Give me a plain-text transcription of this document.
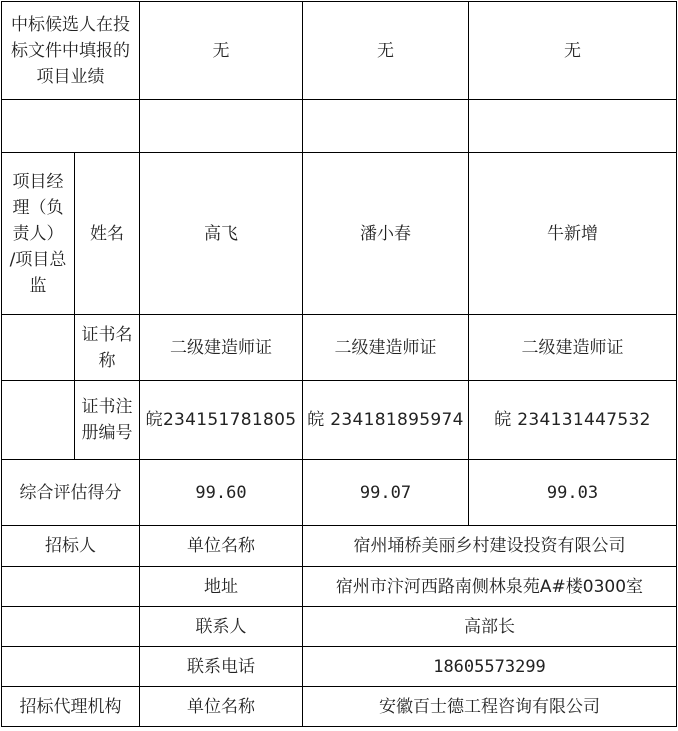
中标候选人在投
标文件中填报的
项目业绩		无	无	无

项目经
理（负
责人）
/项目总
监	姓名	高飞	潘小春	牛新增

	证书名
称	二级建造师证	二级建造师证	二级建造师证

	证书注
册编号	皖234151781805	皖 234181895974	皖 234131447532
综合评估得分		99.60	99.07	99.03
招标人		单位名称	宿州埇桥美丽乡村建设投资有限公司	
		地址	宿州市汴河西路南侧林泉苑A#楼0300室	
		联系人	高部长	
		联系电话	18605573299	
招标代理机构		单位名称	安徽百士德工程咨询有限公司	
